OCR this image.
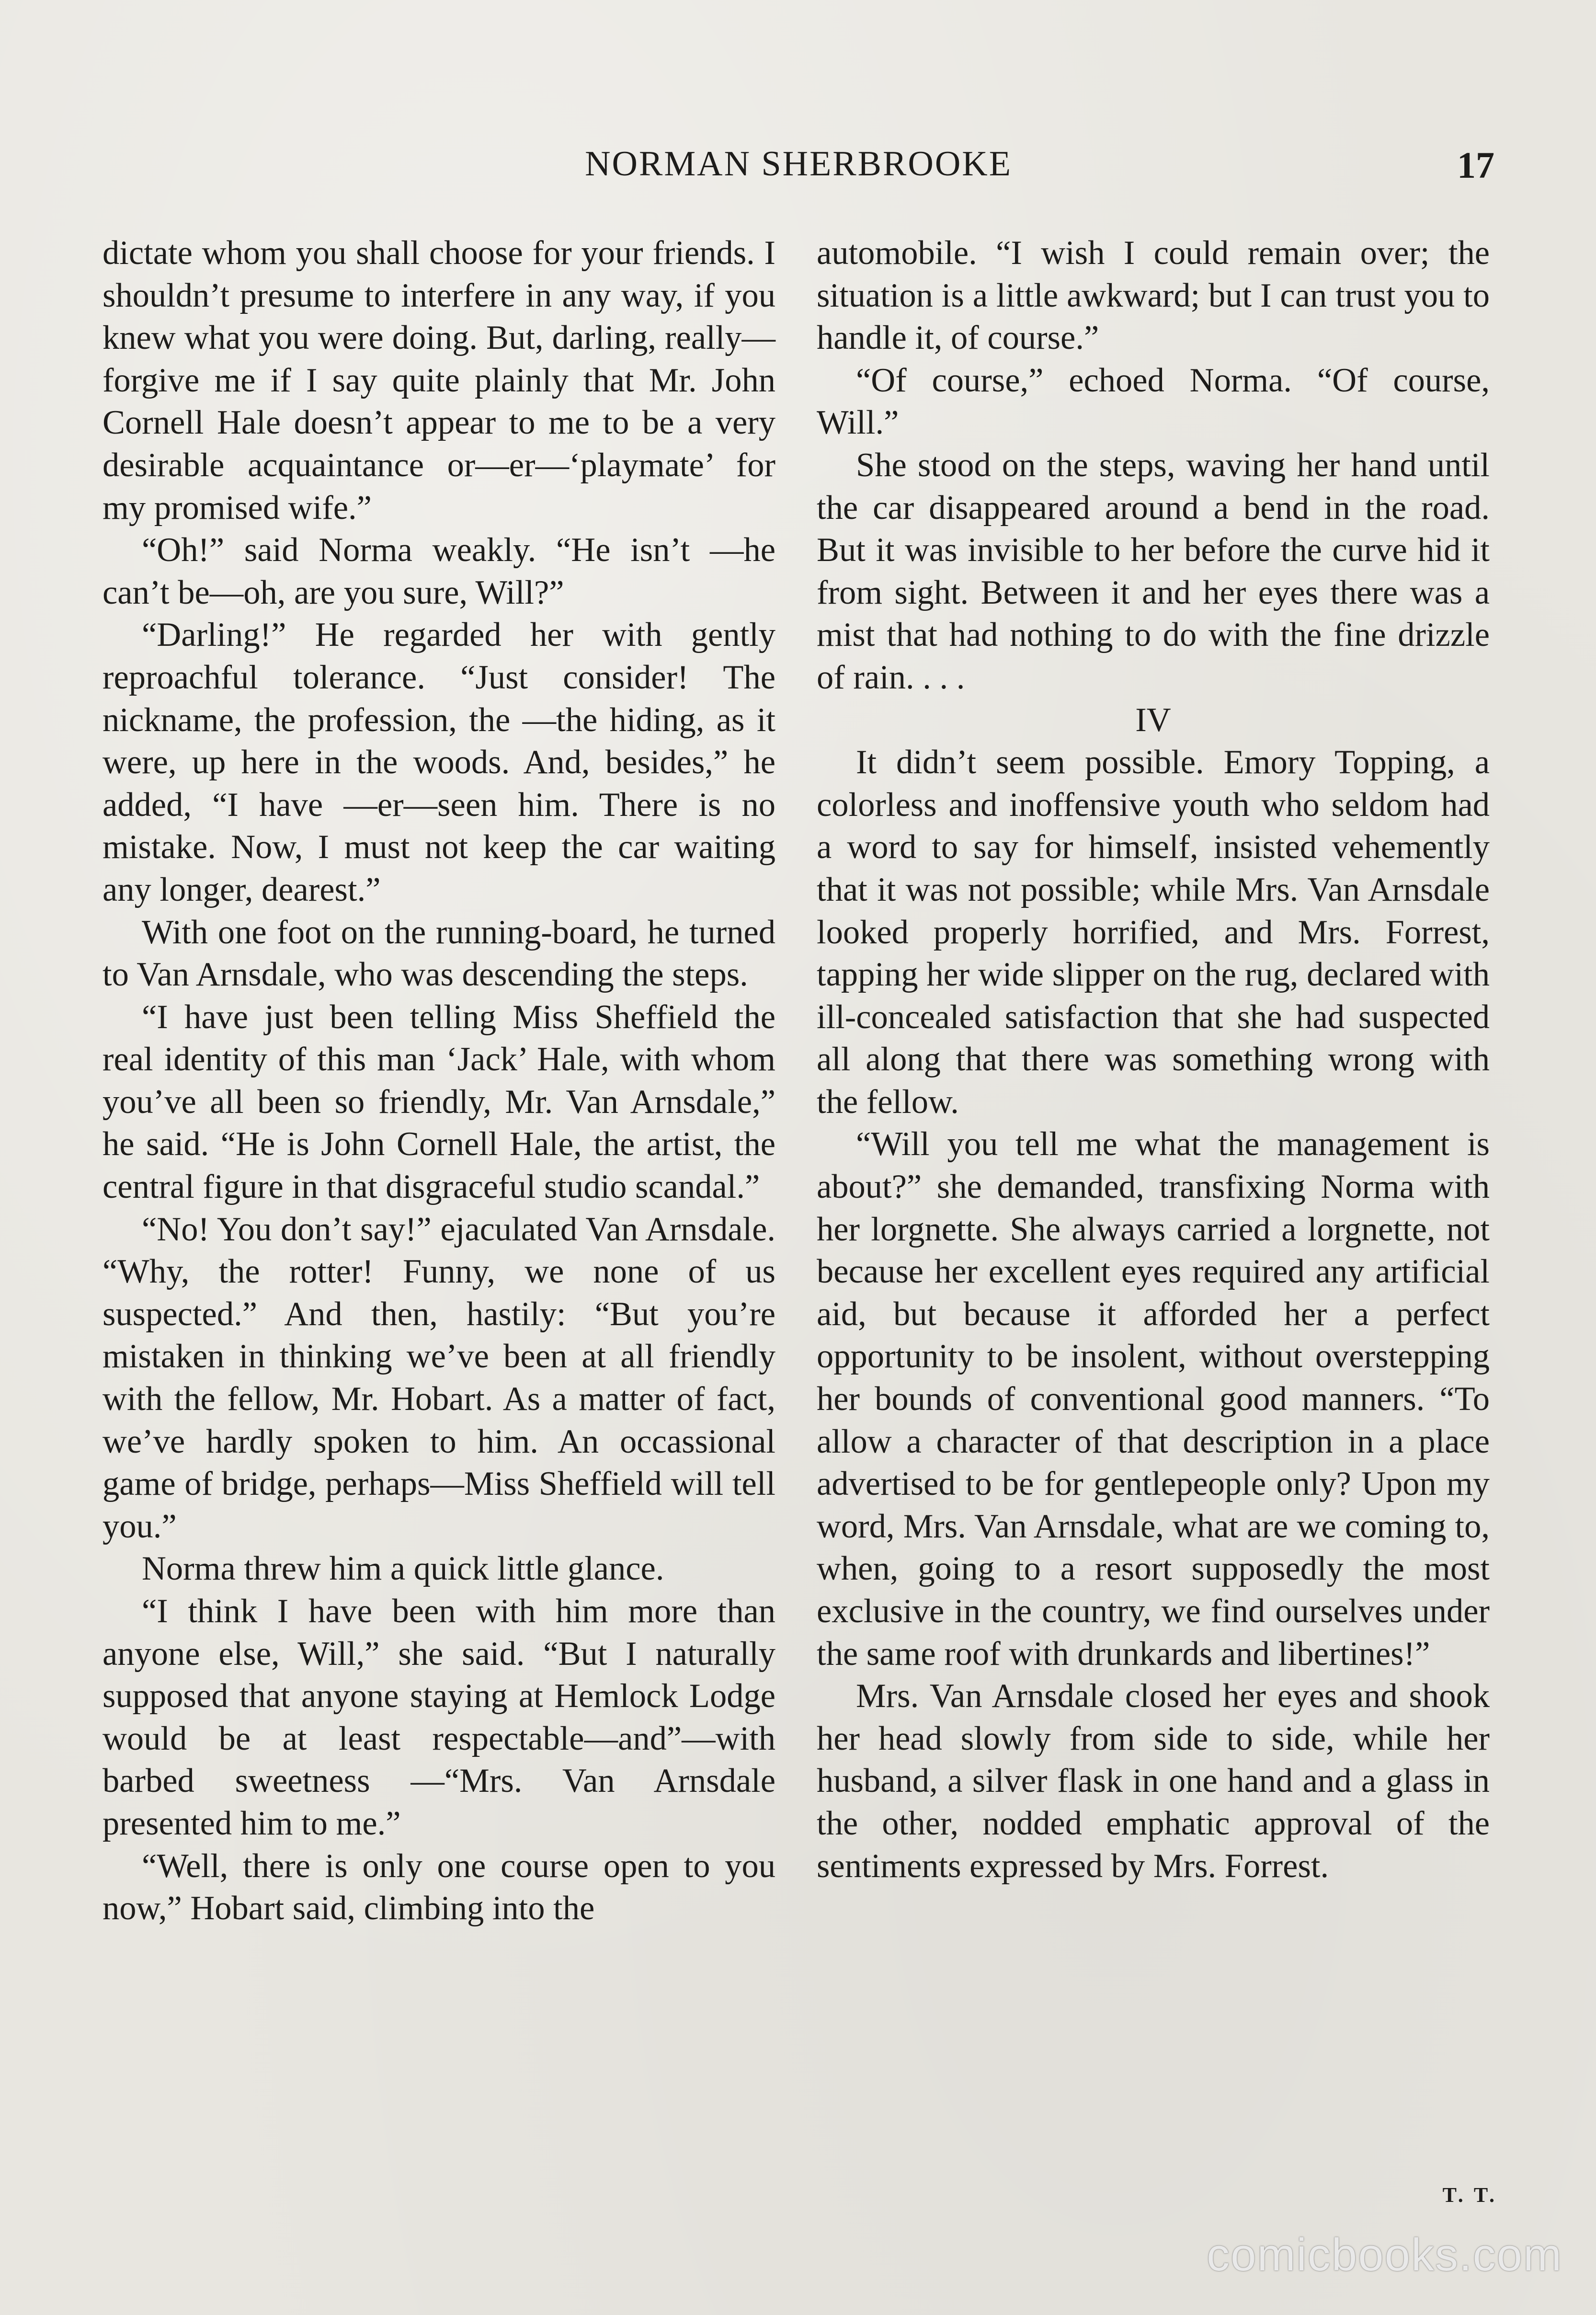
NORMAN SHERBROOKE	17

dictate whom you shall choose for your friends. I shouldn’t presume to interfere in any way, if you knew what you were doing. But, darling, really—forgive me if I say quite plainly that Mr. John Cornell Hale doesn’t appear to me to be a very desirable acquaintance or—er—‘playmate’ for my promised wife.”

“Oh!” said Norma weakly. “He isn’t —he can’t be—oh, are you sure, Will?”

“Darling!” He regarded her with gently reproachful tolerance. “Just consider! The nickname, the profession, the —the hiding, as it were, up here in the woods. And, besides,” he added, “I have —er—seen him. There is no mistake. Now, I must not keep the car waiting any longer, dearest.”

With one foot on the running-board, he turned to Van Arnsdale, who was descending the steps.

“I have just been telling Miss Sheffield the real identity of this man ‘Jack’ Hale, with whom you’ve all been so friendly, Mr. Van Arnsdale,” he said. “He is John Cornell Hale, the artist, the central figure in that disgraceful studio scandal.”

“No! You don’t say!” ejaculated Van Arnsdale. “Why, the rotter! Funny, we none of us suspected.” And then, hastily: “But you’re mistaken in thinking we’ve been at all friendly with the fellow, Mr. Hobart. As a matter of fact, we’ve hardly spoken to him. An occassional game of bridge, perhaps—Miss Sheffield will tell you.”

Norma threw him a quick little glance.

“I think I have been with him more than anyone else, Will,” she said. “But I naturally supposed that anyone staying at Hemlock Lodge would be at least respectable—and”—with barbed sweetness —“Mrs. Van Arnsdale presented him to me.”

“Well, there is only one course open to you now,” Hobart said, climbing into the

automobile. “I wish I could remain over; the situation is a little awkward; but I can trust you to handle it, of course.”

“Of course,” echoed Norma. “Of course, Will.”

She stood on the steps, waving her hand until the car disappeared around a bend in the road. But it was invisible to her before the curve hid it from sight. Between it and her eyes there was a mist that had nothing to do with the fine drizzle of rain. . . .

IV

It didn’t seem possible. Emory Topping, a colorless and inoffensive youth who seldom had a word to say for himself, insisted vehemently that it was not possible; while Mrs. Van Arnsdale looked properly horrified, and Mrs. Forrest, tapping her wide slipper on the rug, declared with ill-concealed satisfaction that she had suspected all along that there was something wrong with the fellow.

“Will you tell me what the management is about?” she demanded, transfixing Norma with her lorgnette. She always carried a lorgnette, not because her excellent eyes required any artificial aid, but because it afforded her a perfect opportunity to be insolent, without overstepping her bounds of conventional good manners. “To allow a character of that description in a place advertised to be for gentlepeople only? Upon my word, Mrs. Van Arnsdale, what are we coming to, when, going to a resort supposedly the most exclusive in the country, we find ourselves under the same roof with drunkards and libertines!”

Mrs. Van Arnsdale closed her eyes and shook her head slowly from side to side, while her husband, a silver flask in one hand and a glass in the other, nodded emphatic approval of the sentiments expressed by Mrs. Forrest.

T. T.
comicbooks.com
